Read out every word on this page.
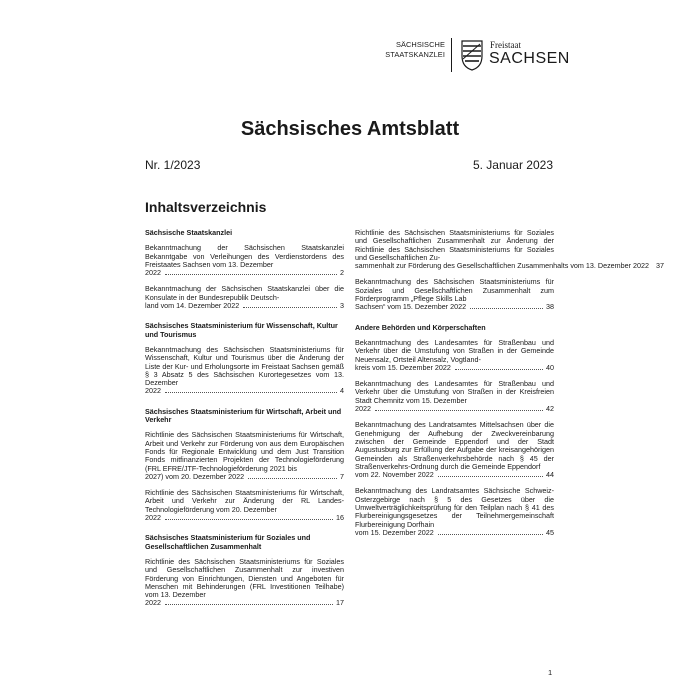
SÄCHSISCHE
STAATSKANZLEI
Freistaat
SACHSEN
Sächsisches Amtsblatt
Nr. 1/2023	5. Januar 2023
Inhaltsverzeichnis
Sächsische Staatskanzlei
Bekanntmachung der Sächsischen Staatskanzlei Bekanntgabe von Verleihungen des Verdienstordens des Freistaates Sachsen vom 13. Dezember
2022	2
Bekanntmachung der Sächsischen Staatskanzlei über die Konsulate in der Bundesrepublik Deutsch-
land vom 14. Dezember 2022	3
Sächsisches Staatsministerium für Wissenschaft, Kultur und Tourismus
Bekanntmachung des Sächsischen Staatsministeriums für Wissenschaft, Kultur und Tourismus über die Änderung der Liste der Kur- und Erholungsorte im Freistaat Sachsen gemäß § 3 Absatz 5 des Sächsischen Kurortegesetzes vom 13. Dezember
2022	4
Sächsisches Staatsministerium für Wirtschaft, Arbeit und Verkehr
Richtlinie des Sächsischen Staatsministeriums für Wirtschaft, Arbeit und Verkehr zur Förderung von aus dem Europäischen Fonds für Regionale Entwicklung und dem Just Transition Fonds mitfinanzierten Projekten der Technologieförderung (FRL EFRE/JTF-Technologieförderung 2021 bis
2027) vom 20. Dezember 2022	7
Richtlinie des Sächsischen Staatsministeriums für Wirtschaft, Arbeit und Verkehr zur Änderung der RL Landes-Technologieförderung vom 20. Dezember
2022	16
Sächsisches Staatsministerium für Soziales und Gesellschaftlichen Zusammenhalt
Richtlinie des Sächsischen Staatsministeriums für Soziales und Gesellschaftlichen Zusammenhalt zur investiven Förderung von Einrichtungen, Diensten und Angeboten für Menschen mit Behinderungen (FRL Investitionen Teilhabe) vom 13. Dezember
2022	17
Richtlinie des Sächsischen Staatsministeriums für Soziales und Gesellschaftlichen Zusammenhalt zur Änderung der Richtlinie des Sächsischen Staatsministeriums für Soziales und Gesellschaftlichen Zu-
sammenhalt zur Förderung des Gesellschaftlichen Zusammenhalts vom 13. Dezember 2022 37
Bekanntmachung des Sächsischen Staatsministeriums für Soziales und Gesellschaftlichen Zusammenhalt zum Förderprogramm „Pflege Skills Lab
Sachsen“ vom 15. Dezember 2022	38
Andere Behörden und Körperschaften
Bekanntmachung des Landesamtes für Straßenbau und Verkehr über die Umstufung von Straßen in der Gemeinde Neuensalz, Ortsteil Altensalz, Vogtland-
kreis vom 15. Dezember 2022	40
Bekanntmachung des Landesamtes für Straßenbau und Verkehr über die Umstufung von Straßen in der Kreisfreien Stadt Chemnitz vom 15. Dezember
2022	42
Bekanntmachung des Landratsamtes Mittelsachsen über die Genehmigung der Aufhebung der Zweckvereinbarung zwischen der Gemeinde Eppendorf und der Stadt Augustusburg zur Erfüllung der Aufgabe der kreisangehörigen Gemeinden als Straßenverkehrsbehörde nach § 45 der Straßenverkehrs-Ordnung durch die Gemeinde Eppendorf
vom 22. November 2022	44
Bekanntmachung des Landratsamtes Sächsische Schweiz-Osterzgebirge nach § 5 des Gesetzes über die Umweltverträglichkeitsprüfung für den Teilplan nach § 41 des Flurbereinigungsgesetzes der Teilnehmergemeinschaft Flurbereinigung Dorfhain
vom 15. Dezember 2022	45
1
